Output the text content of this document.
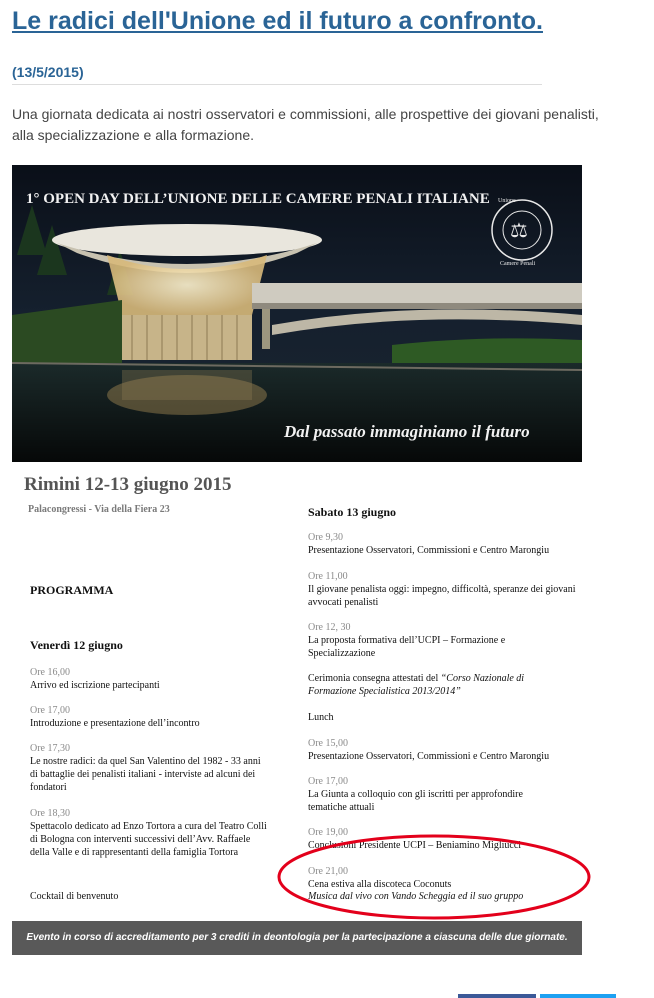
Le radici dell'Unione ed il futuro a confronto.
(13/5/2015)
Una giornata dedicata ai nostri osservatori e commissioni, alle prospettive dei giovani penalisti, alla specializzazione e alla formazione.
⚖
Unione
Camere Penali
1° OPEN DAY DELL’UNIONE DELLE CAMERE PENALI ITALIANE
Dal passato immaginiamo il futuro
Rimini 12-13 giugno 2015
Palacongressi - Via della Fiera 23
PROGRAMMA
Venerdì 12 giugno
Ore 16,00
Arrivo ed iscrizione partecipanti
Ore 17,00
Introduzione e presentazione dell’incontro
Ore 17,30
Le nostre radici: da quel San Valentino del 1982 - 33 anni di battaglie dei penalisti italiani - interviste ad alcuni dei fondatori
Ore 18,30
Spettacolo dedicato ad Enzo Tortora a cura del Teatro Colli di Bologna con interventi successivi dell’Avv. Raffaele della Valle e di rappresentanti della famiglia Tortora
Cocktail di benvenuto
Sabato 13 giugno
Ore 9,30
Presentazione Osservatori, Commissioni e Centro Marongiu
Ore 11,00
Il giovane penalista oggi: impegno, difficoltà, speranze dei giovani avvocati penalisti
Ore 12, 30
La proposta formativa dell’UCPI – Formazione e Specializzazione
Cerimonia consegna attestati del “Corso Nazionale di Formazione Specialistica 2013/2014”
Lunch
Ore 15,00
Presentazione Osservatori, Commissioni e Centro Marongiu
Ore 17,00
La Giunta a colloquio con gli iscritti per approfondire tematiche attuali
Ore 19,00
Conclusioni Presidente UCPI – Beniamino Migliucci
Ore 21,00
Cena estiva alla discoteca Coconuts
Musica dal vivo con Vando Scheggia ed il suo gruppo
Evento in corso di accreditamento per 3 crediti in deontologia per la partecipazione a ciascuna delle due giornate.
